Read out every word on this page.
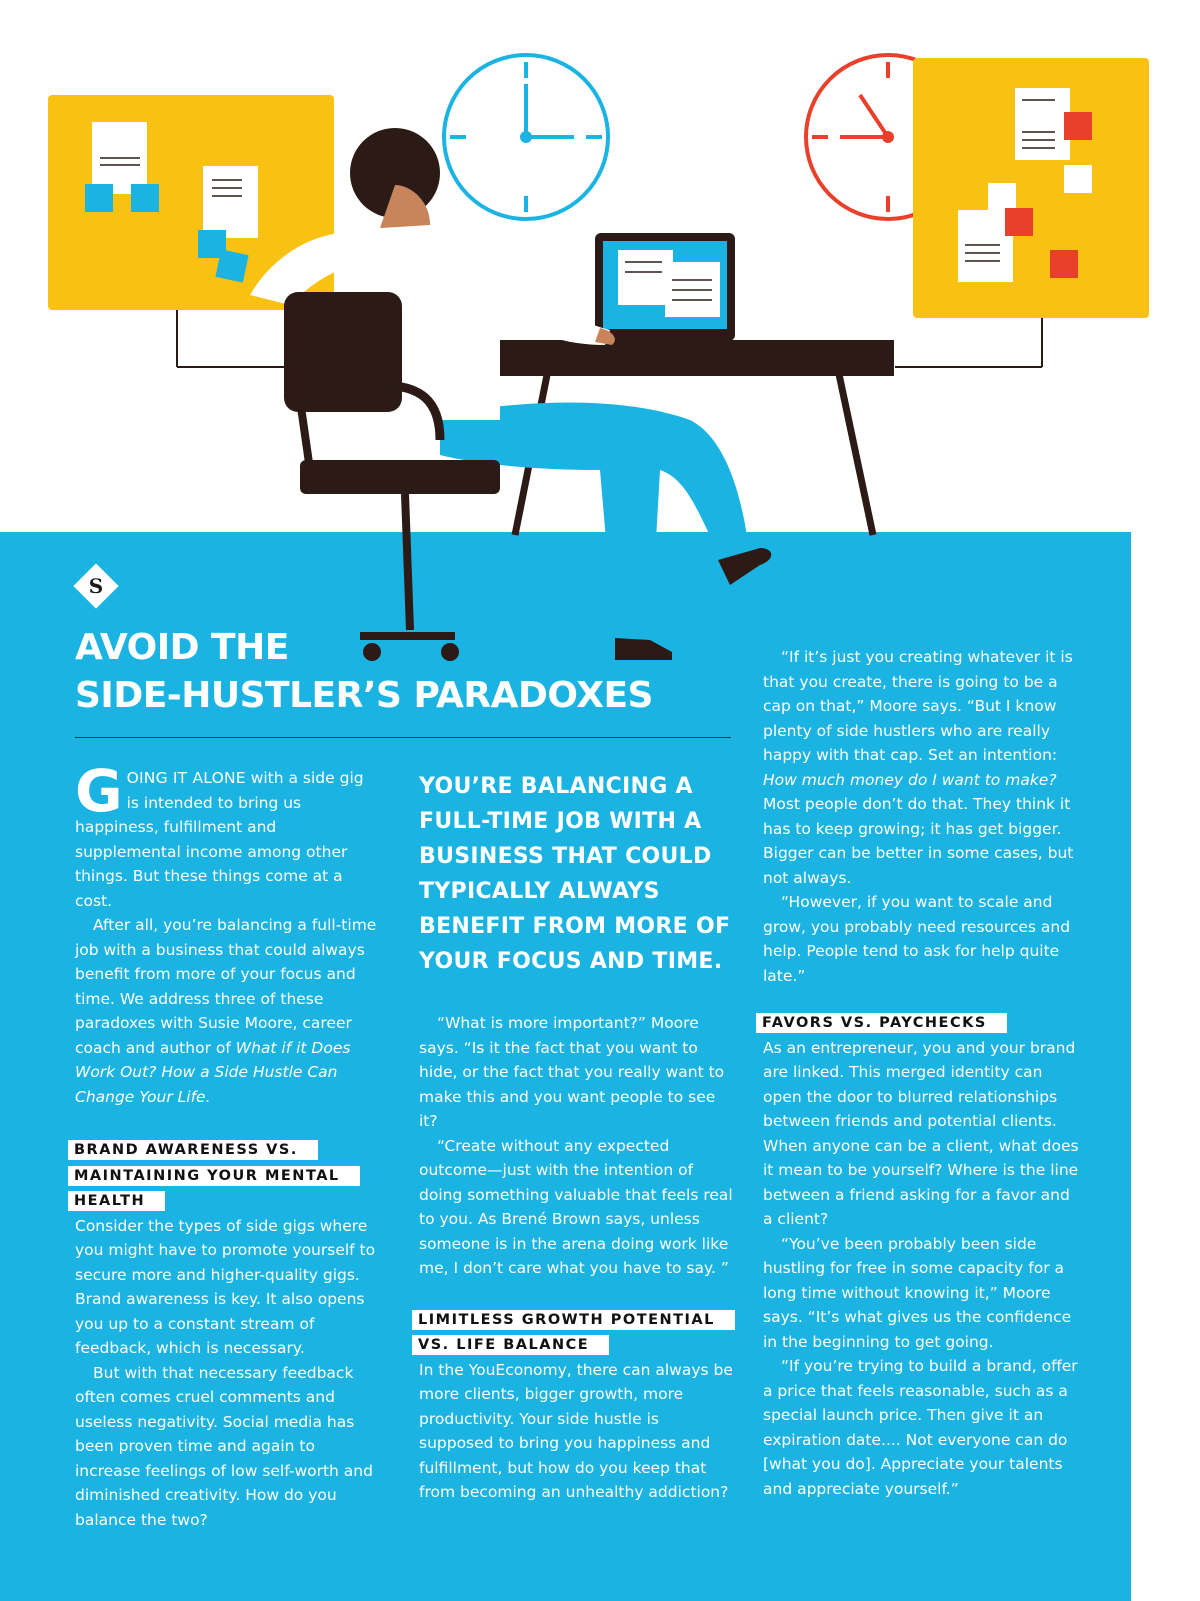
S
AVOID THE
SIDE-HUSTLER’S PARADOXES

GOING IT ALONE with a side gig is intended to bring us happiness, fulfillment and supplemental income among other things. But these things come at a cost.

After all, you’re balancing a full-time job with a business that could always benefit from more of your focus and time. We address three of these paradoxes with Susie Moore, career coach and author of What if it Does Work Out? How a Side Hustle Can Change Your Life.

BRAND AWARENESS VS. MAINTAINING YOUR MENTAL HEALTH

Consider the types of side gigs where you might have to promote yourself to secure more and higher-quality gigs. Brand awareness is key. It also opens you up to a constant stream of feedback, which is necessary.

But with that necessary feedback often comes cruel comments and useless negativity. Social media has been proven time and again to increase feelings of low self-worth and diminished creativity. How do you balance the two?

YOU’RE BALANCING A FULL-TIME JOB WITH A BUSINESS THAT COULD TYPICALLY ALWAYS BENEFIT FROM MORE OF YOUR FOCUS AND TIME.

“What is more important?” Moore says. “Is it the fact that you want to hide, or the fact that you really want to make this and you want people to see it?

“Create without any expected outcome—just with the intention of doing something valuable that feels real to you. As Brené Brown says, unless someone is in the arena doing work like me, I don’t care what you have to say. ”

LIMITLESS GROWTH POTENTIAL VS. LIFE BALANCE

In the YouEconomy, there can always be more clients, bigger growth, more productivity. Your side hustle is supposed to bring you happiness and fulfillment, but how do you keep that from becoming an unhealthy addiction?

“If it’s just you creating whatever it is that you create, there is going to be a cap on that,” Moore says. “But I know plenty of side hustlers who are really happy with that cap. Set an intention: How much money do I want to make? Most people don’t do that. They think it has to keep growing; it has get bigger. Bigger can be better in some cases, but not always.

“However, if you want to scale and grow, you probably need resources and help. People tend to ask for help quite late.”

FAVORS VS. PAYCHECKS

As an entrepreneur, you and your brand are linked. This merged identity can open the door to blurred relationships between friends and potential clients. When anyone can be a client, what does it mean to be yourself? Where is the line between a friend asking for a favor and a client?

“You’ve been probably been side hustling for free in some capacity for a long time without knowing it,” Moore says. “It’s what gives us the confidence in the beginning to get going.

“If you’re trying to build a brand, offer a price that feels reasonable, such as a special launch price. Then give it an expiration date.... Not everyone can do [what you do]. Appreciate your talents and appreciate yourself.”
